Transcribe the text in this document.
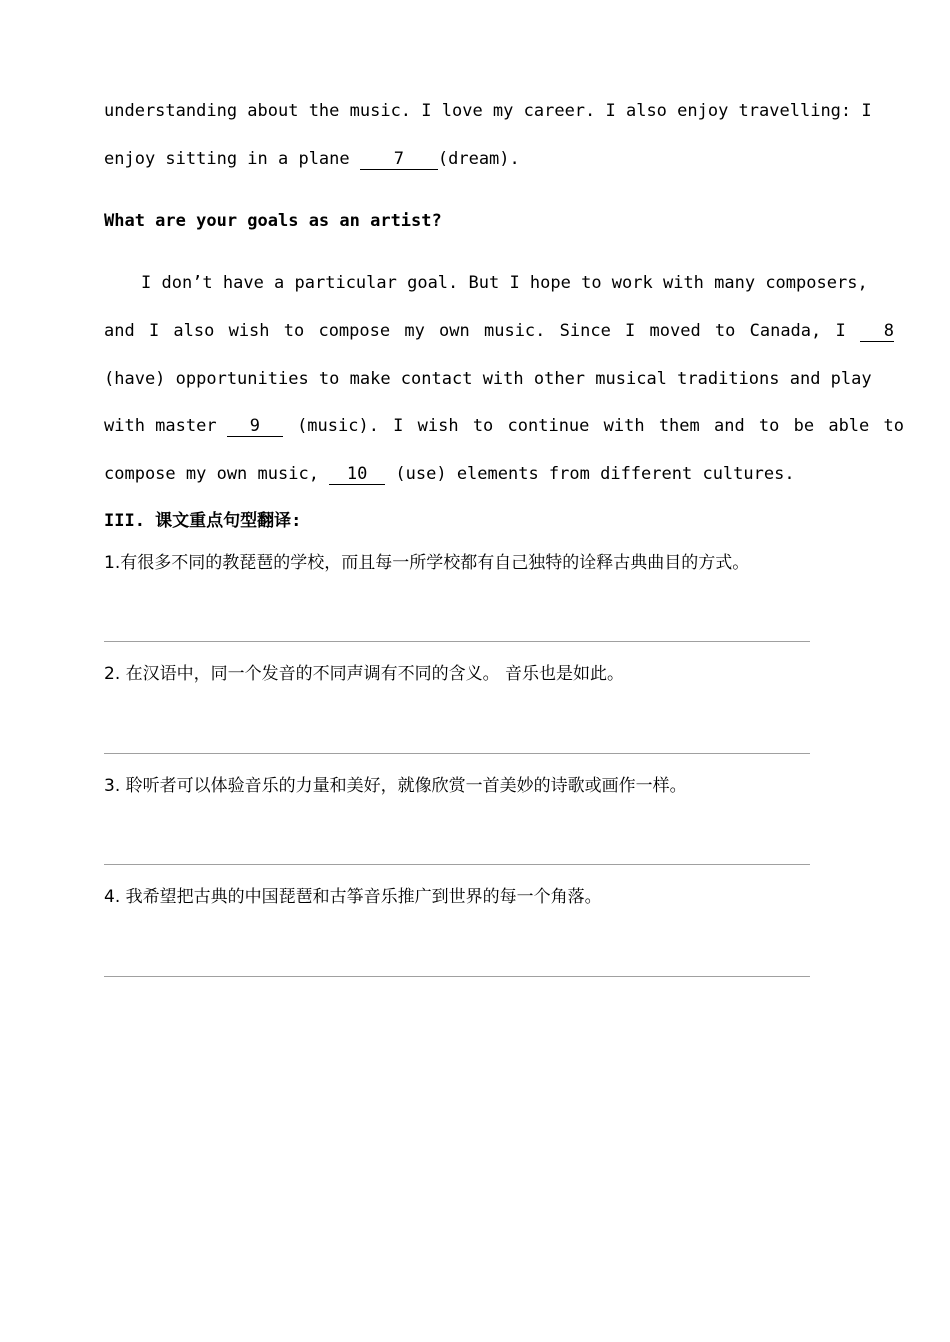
understanding about the music. I love my career. I also enjoy travelling: I
enjoy sitting in a plane 7 (dream).
What are your goals as an artist?
I don’t have a particular goal. But I hope to work with many composers,
and I also wish to compose my own music. Since I moved to Canada, I 8
(have) opportunities to make contact with other musical traditions and play
with master 9 (music). I wish to continue with them and to be able to
compose my own music, 10 (use) elements from different cultures.
III. 课文重点句型翻译:
1.有很多不同的教琵琶的学校，而且每一所学校都有自己独特的诠释古典曲目的方式。
2. 在汉语中，同一个发音的不同声调有不同的含义。 音乐也是如此。
3. 聆听者可以体验音乐的力量和美好，就像欣赏一首美妙的诗歌或画作一样。
4. 我希望把古典的中国琵琶和古筝音乐推广到世界的每一个角落。
